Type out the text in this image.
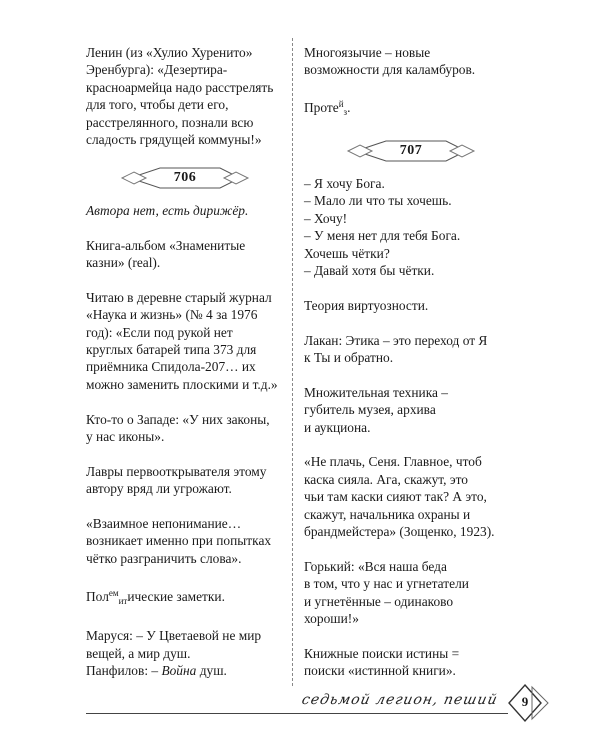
Ленин (из «Хулио Хуренито»
Эренбурга): «Дезертира-
красноармейца надо расстрелять
для того, чтобы дети его,
расстрелянного, познали всю
сладость грядущей коммуны!»

706

Автора нет, есть дирижёр.

Книга-альбом «Знаменитые
казни» (real).

Читаю в деревне старый журнал
«Наука и жизнь» (№ 4 за 1976
год): «Если под рукой нет
круглых батарей типа 373 для
приёмника Спидола-207… их
можно заменить плоскими и т.д.»

Кто-то о Западе: «У них законы,
у нас иконы».

Лавры первооткрывателя этому
автору вряд ли угрожают.

«Взаимное непонимание…
возникает именно при попытках
чётко разграничить слова».

Пол$^{ем}_{ит}$ические заметки.

Маруся: – У Цветаевой не мир
вещей, а мир душ.

Панфилов: – Война душ.

Многоязычие – новые
возможности для каламбуров.

Проте$^й_з$.

707

– Я хочу Бога.
– Мало ли что ты хочешь.
– Хочу!
– У меня нет для тебя Бога.
Хочешь чётки?
– Давай хотя бы чётки.

Теория виртуозности.

Лакан: Этика – это переход от Я
к Ты и обратно.

Множительная техника –
губитель музея, архива
и аукциона.

«Не плачь, Сеня. Главное, чтоб
каска сияла. Ага, скажут, это
чьи там каски сияют так? А это,
скажут, начальника охраны и
брандмейстера» (Зощенко, 1923).

Горький: «Вся наша беда
в том, что у нас и угнетатели
и угнетённые – одинаково
хороши!»

Книжные поиски истины =
поиски «истинной книги».

седьмой легион, пеший	9
